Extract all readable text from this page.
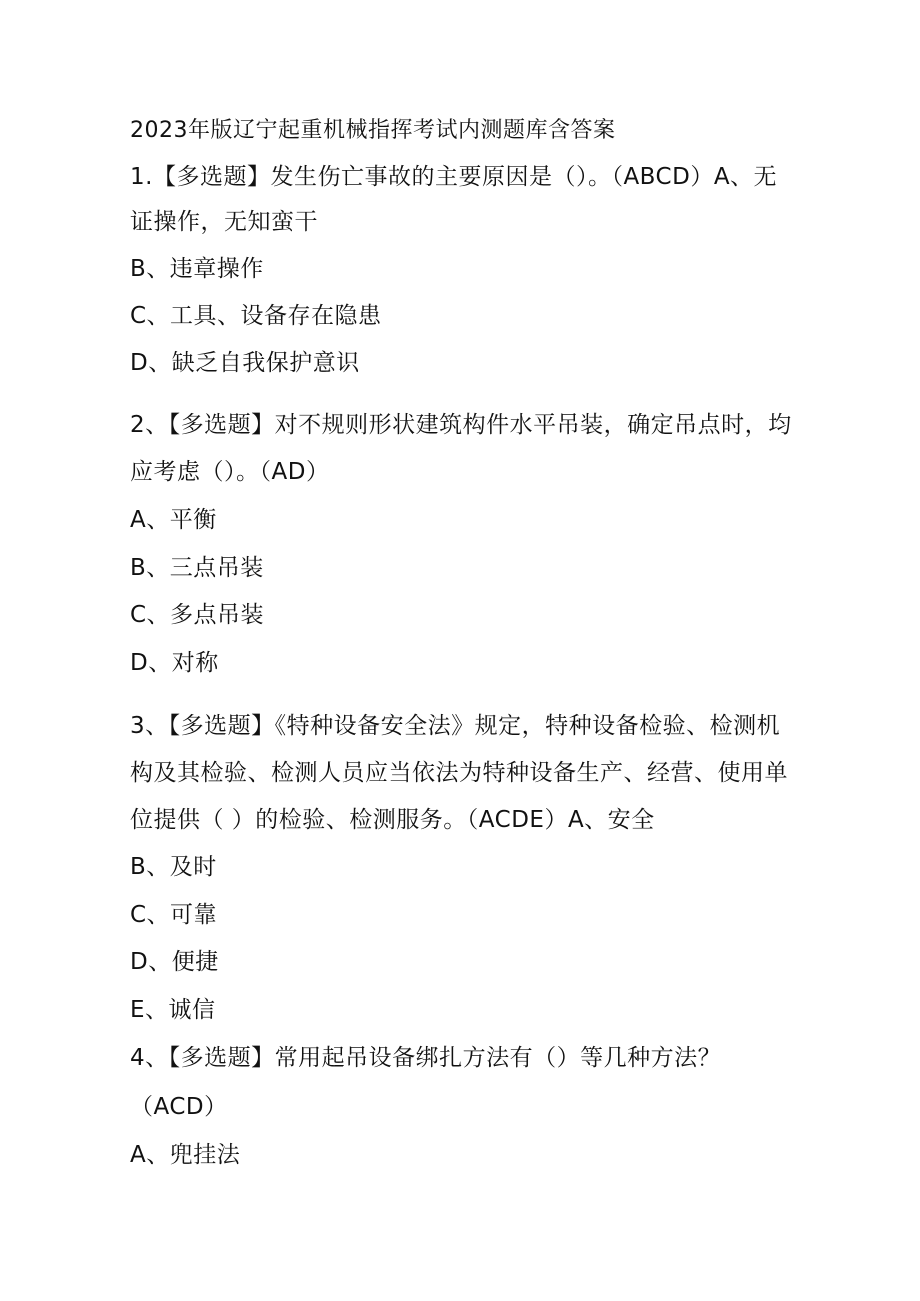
2023年版辽宁起重机械指挥考试内测题库含答案
1.【多选题】发生伤亡事故的主要原因是（）。（ABCD）A、无
证操作，无知蛮干
B、违章操作
C、工具、设备存在隐患
D、缺乏自我保护意识
2、【多选题】对不规则形状建筑构件水平吊装，确定吊点时，均
应考虑（）。（AD）
A、平衡
B、三点吊装
C、多点吊装
D、对称
3、【多选题】《特种设备安全法》规定，特种设备检验、检测机
构及其检验、检测人员应当依法为特种设备生产、经营、使用单
位提供（ ）的检验、检测服务。（ACDE）A、安全
B、及时
C、可靠
D、便捷
E、诚信
4、【多选题】常用起吊设备绑扎方法有（）等几种方法？
（ACD）
A、兜挂法
